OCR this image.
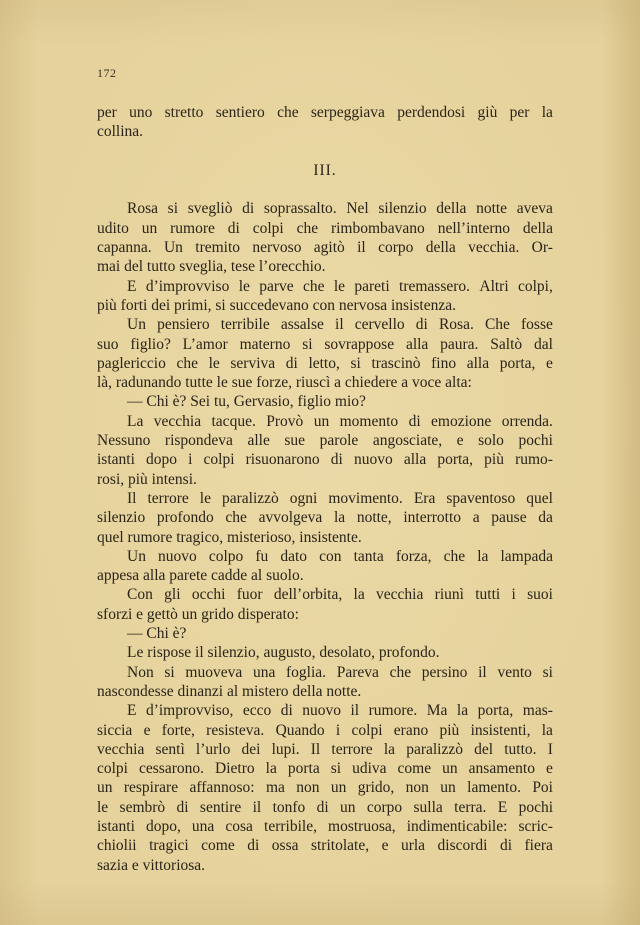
172
per uno stretto sentiero che serpeggiava perdendosi giù per la
collina.
III.
Rosa si svegliò di soprassalto. Nel silenzio della notte aveva
udito un rumore di colpi che rimbombavano nell’interno della
capanna. Un tremito nervoso agitò il corpo della vecchia. Or-
mai del tutto sveglia, tese l’orecchio.
E d’improvviso le parve che le pareti tremassero. Altri colpi,
più forti dei primi, si succedevano con nervosa insistenza.
Un pensiero terribile assalse il cervello di Rosa. Che fosse
suo figlio? L’amor materno si sovrappose alla paura. Saltò dal
paglericcio che le serviva di letto, si trascinò fino alla porta, e
là, radunando tutte le sue forze, riuscì a chiedere a voce alta:
— Chi è? Sei tu, Gervasio, figlio mio?
La vecchia tacque. Provò un momento di emozione orrenda.
Nessuno rispondeva alle sue parole angosciate, e solo pochi
istanti dopo i colpi risuonarono di nuovo alla porta, più rumo-
rosi, più intensi.
Il terrore le paralizzò ogni movimento. Era spaventoso quel
silenzio profondo che avvolgeva la notte, interrotto a pause da
quel rumore tragico, misterioso, insistente.
Un nuovo colpo fu dato con tanta forza, che la lampada
appesa alla parete cadde al suolo.
Con gli occhi fuor dell’orbita, la vecchia riunì tutti i suoi
sforzi e gettò un grido disperato:
— Chi è?
Le rispose il silenzio, augusto, desolato, profondo.
Non si muoveva una foglia. Pareva che persino il vento si
nascondesse dinanzi al mistero della notte.
E d’improvviso, ecco di nuovo il rumore. Ma la porta, mas-
siccia e forte, resisteva. Quando i colpi erano più insistenti, la
vecchia sentì l’urlo dei lupi. Il terrore la paralizzò del tutto. I
colpi cessarono. Dietro la porta si udiva come un ansamento e
un respirare affannoso: ma non un grido, non un lamento. Poi
le sembrò di sentire il tonfo di un corpo sulla terra. E pochi
istanti dopo, una cosa terribile, mostruosa, indimenticabile: scric-
chiolii tragici come di ossa stritolate, e urla discordi di fiera
sazia e vittoriosa.
